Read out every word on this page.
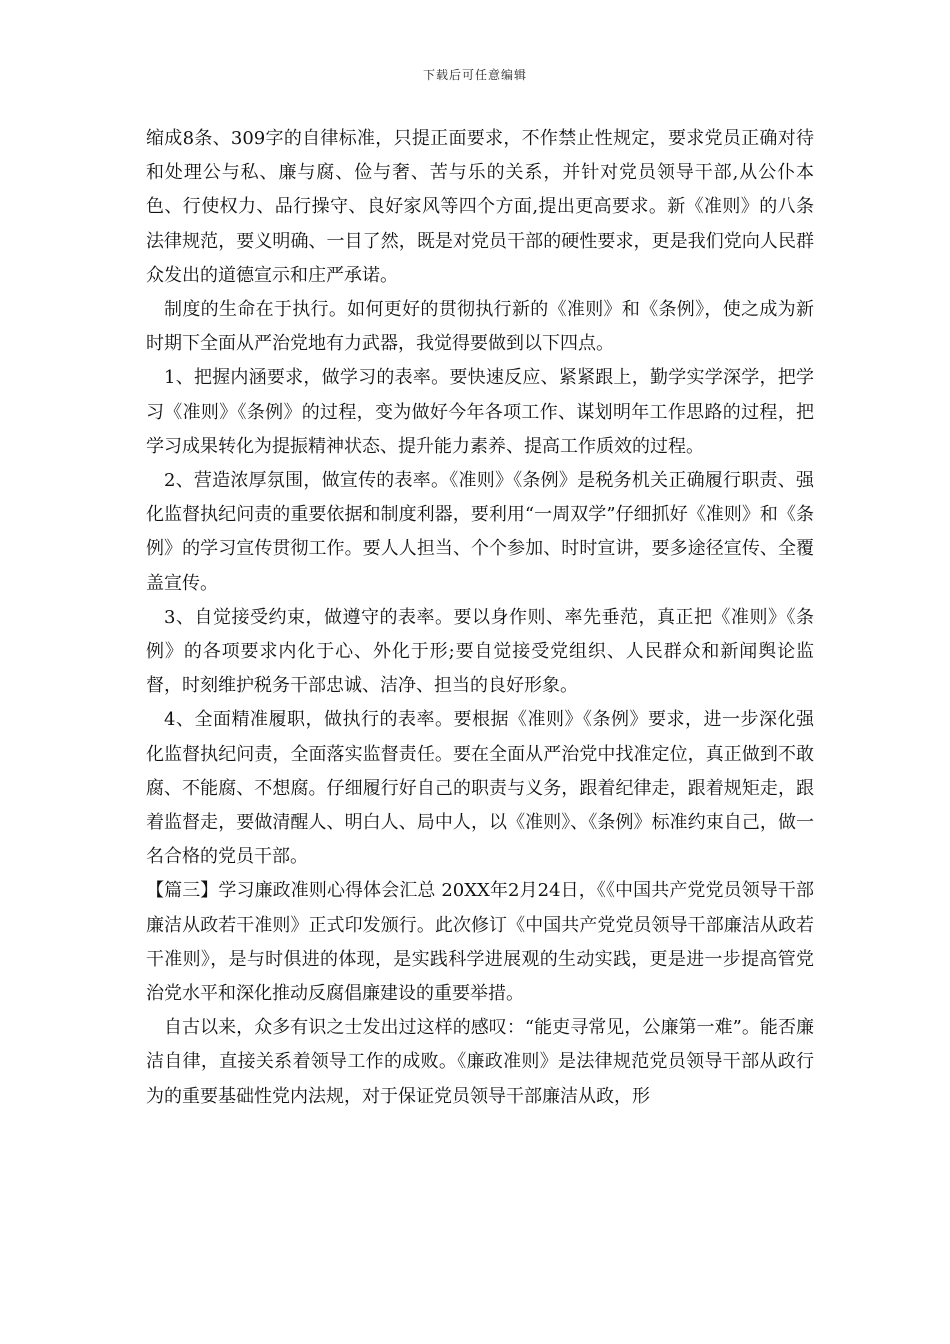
下载后可任意编辑

缩成8条、309字的自律标准，只提正面要求，不作禁止性规定，要求党员正确对待和处理公与私、廉与腐、俭与奢、苦与乐的关系，并针对党员领导干部,从公仆本色、行使权力、品行操守、良好家风等四个方面,提出更高要求。新《准则》的八条法律规范，要义明确、一目了然，既是对党员干部的硬性要求，更是我们党向人民群众发出的道德宣示和庄严承诺。

制度的生命在于执行。如何更好的贯彻执行新的《准则》和《条例》，使之成为新时期下全面从严治党地有力武器，我觉得要做到以下四点。

1、把握内涵要求，做学习的表率。要快速反应、紧紧跟上，勤学实学深学，把学习《准则》《条例》的过程，变为做好今年各项工作、谋划明年工作思路的过程，把学习成果转化为提振精神状态、提升能力素养、提高工作质效的过程。

2、营造浓厚氛围，做宣传的表率。《准则》《条例》是税务机关正确履行职责、强化监督执纪问责的重要依据和制度利器，要利用“一周双学”仔细抓好《准则》和《条例》的学习宣传贯彻工作。要人人担当、个个参加、时时宣讲，要多途径宣传、全覆盖宣传。

3、自觉接受约束，做遵守的表率。要以身作则、率先垂范，真正把《准则》《条例》的各项要求内化于心、外化于形;要自觉接受党组织、人民群众和新闻舆论监督，时刻维护税务干部忠诚、洁净、担当的良好形象。

4、全面精准履职，做执行的表率。要根据《准则》《条例》要求，进一步深化强化监督执纪问责，全面落实监督责任。要在全面从严治党中找准定位，真正做到不敢腐、不能腐、不想腐。仔细履行好自己的职责与义务，跟着纪律走，跟着规矩走，跟着监督走，要做清醒人、明白人、局中人，以《准则》、《条例》标准约束自己，做一名合格的党员干部。

【篇三】学习廉政准则心得体会汇总 20XX年2月24日，《《中国共产党党员领导干部廉洁从政若干准则》正式印发颁行。此次修订《中国共产党党员领导干部廉洁从政若干准则》，是与时俱进的体现，是实践科学进展观的生动实践，更是进一步提高管党治党水平和深化推动反腐倡廉建设的重要举措。

自古以来，众多有识之士发出过这样的感叹：“能吏寻常见，公廉第一难”。能否廉洁自律，直接关系着领导工作的成败。《廉政准则》是法律规范党员领导干部从政行为的重要基础性党内法规，对于保证党员领导干部廉洁从政，形
